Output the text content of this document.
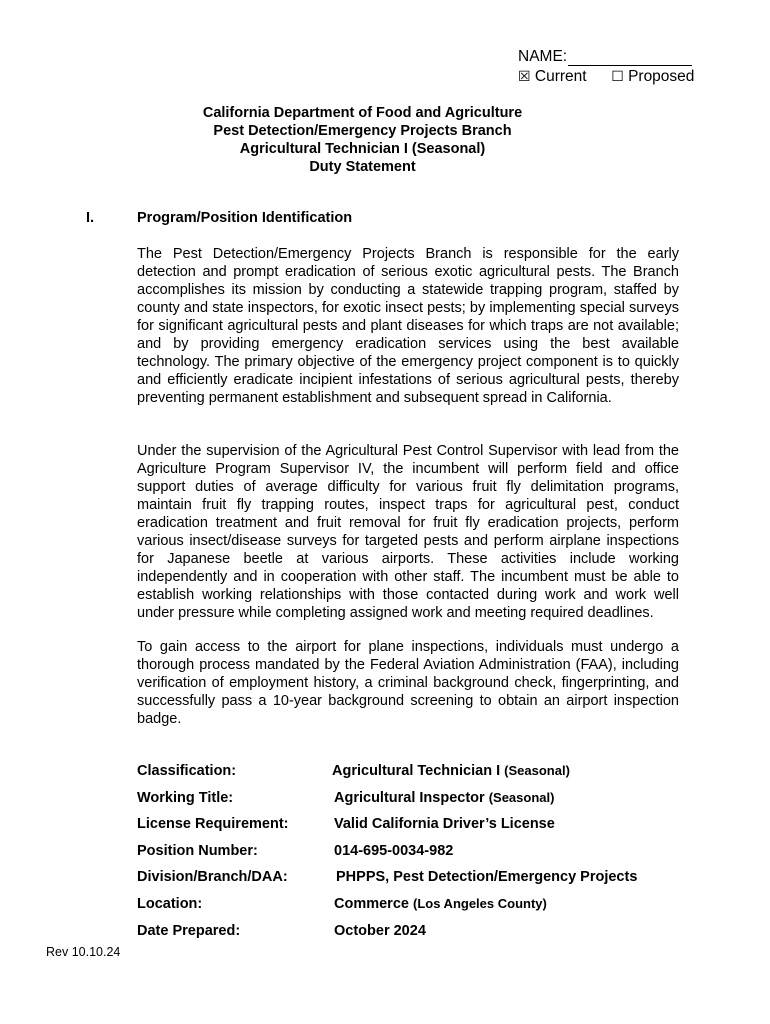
NAME:
☒ Current ☐ Proposed
California Department of Food and Agriculture
Pest Detection/Emergency Projects Branch
Agricultural Technician I (Seasonal)
Duty Statement
I.	Program/Position Identification
The Pest Detection/Emergency Projects Branch is responsible for the early detection and prompt eradication of serious exotic agricultural pests. The Branch accomplishes its mission by conducting a statewide trapping program, staffed by county and state inspectors, for exotic insect pests; by implementing special surveys for significant agricultural pests and plant diseases for which traps are not available; and by providing emergency eradication services using the best available technology. The primary objective of the emergency project component is to quickly and efficiently eradicate incipient infestations of serious agricultural pests, thereby preventing permanent establishment and subsequent spread in California.
Under the supervision of the Agricultural Pest Control Supervisor with lead from the Agriculture Program Supervisor IV, the incumbent will perform field and office support duties of average difficulty for various fruit fly delimitation programs, maintain fruit fly trapping routes, inspect traps for agricultural pest, conduct eradication treatment and fruit removal for fruit fly eradication projects, perform various insect/disease surveys for targeted pests and perform airplane inspections for Japanese beetle at various airports. These activities include working independently and in cooperation with other staff. The incumbent must be able to establish working relationships with those contacted during work and work well under pressure while completing assigned work and meeting required deadlines.
To gain access to the airport for plane inspections, individuals must undergo a thorough process mandated by the Federal Aviation Administration (FAA), including verification of employment history, a criminal background check, fingerprinting, and successfully pass a 10-year background screening to obtain an airport inspection badge.
Classification:	Agricultural Technician I (Seasonal)
Working Title:	Agricultural Inspector (Seasonal)
License Requirement:	Valid California Driver’s License
Position Number:	014-695-0034-982
Division/Branch/DAA:	PHPPS, Pest Detection/Emergency Projects
Location:	Commerce (Los Angeles County)
Date Prepared:	October 2024
Rev 10.10.24
